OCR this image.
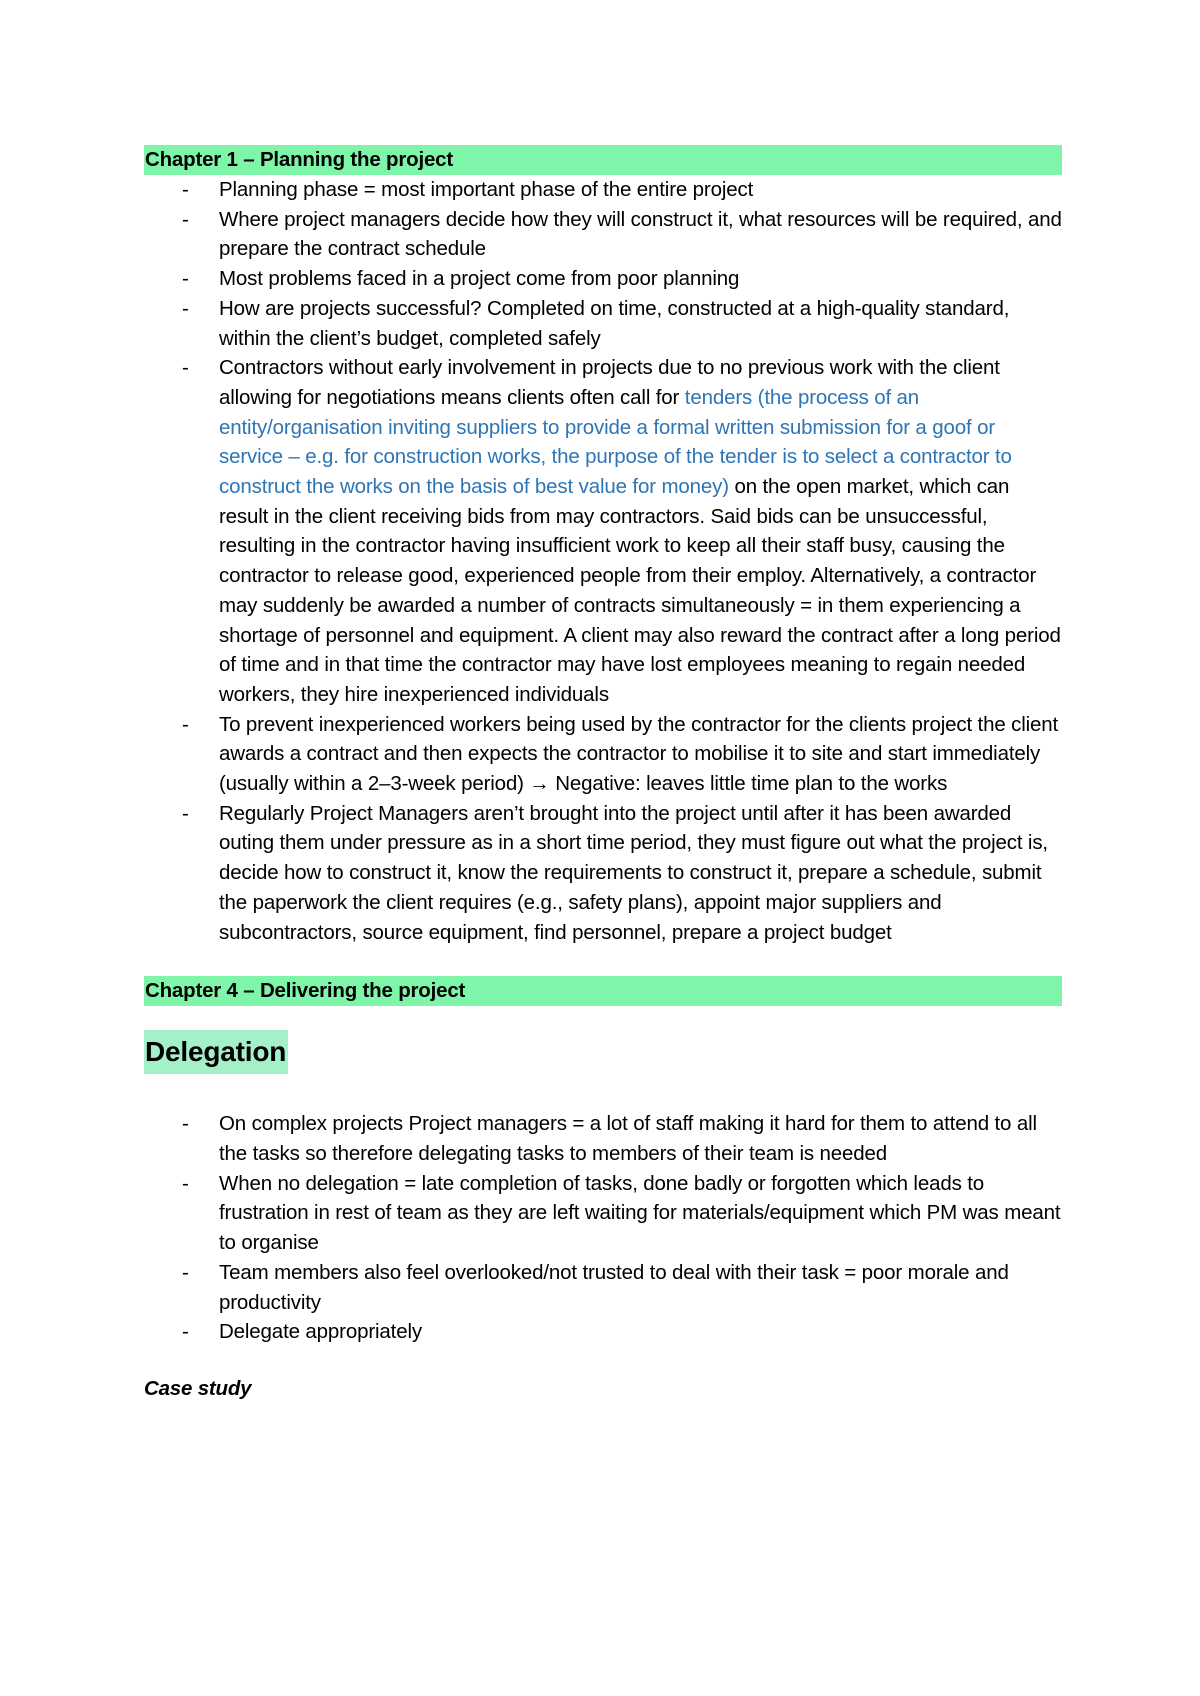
Chapter 1 – Planning the project
- Planning phase = most important phase of the entire project
- Where project managers decide how they will construct it, what resources will be required, and prepare the contract schedule
- Most problems faced in a project come from poor planning
- How are projects successful? Completed on time, constructed at a high-quality standard, within the client’s budget, completed safely
- Contractors without early involvement in projects due to no previous work with the client allowing for negotiations means clients often call for tenders (the process of an entity/organisation inviting suppliers to provide a formal written submission for a goof or service – e.g. for construction works, the purpose of the tender is to select a contractor to construct the works on the basis of best value for money) on the open market, which can result in the client receiving bids from may contractors. Said bids can be unsuccessful, resulting in the contractor having insufficient work to keep all their staff busy, causing the contractor to release good, experienced people from their employ. Alternatively, a contractor may suddenly be awarded a number of contracts simultaneously = in them experiencing a shortage of personnel and equipment. A client may also reward the contract after a long period of time and in that time the contractor may have lost employees meaning to regain needed workers, they hire inexperienced individuals
- To prevent inexperienced workers being used by the contractor for the clients project the client awards a contract and then expects the contractor to mobilise it to site and start immediately (usually within a 2–3-week period) → Negative: leaves little time plan to the works
- Regularly Project Managers aren’t brought into the project until after it has been awarded outing them under pressure as in a short time period, they must figure out what the project is, decide how to construct it, know the requirements to construct it, prepare a schedule, submit the paperwork the client requires (e.g., safety plans), appoint major suppliers and subcontractors, source equipment, find personnel, prepare a project budget
Chapter 4 – Delivering the project
Delegation
- On complex projects Project managers = a lot of staff making it hard for them to attend to all the tasks so therefore delegating tasks to members of their team is needed
- When no delegation = late completion of tasks, done badly or forgotten which leads to frustration in rest of team as they are left waiting for materials/equipment which PM was meant to organise
- Team members also feel overlooked/not trusted to deal with their task = poor morale and productivity
- Delegate appropriately
Case study
